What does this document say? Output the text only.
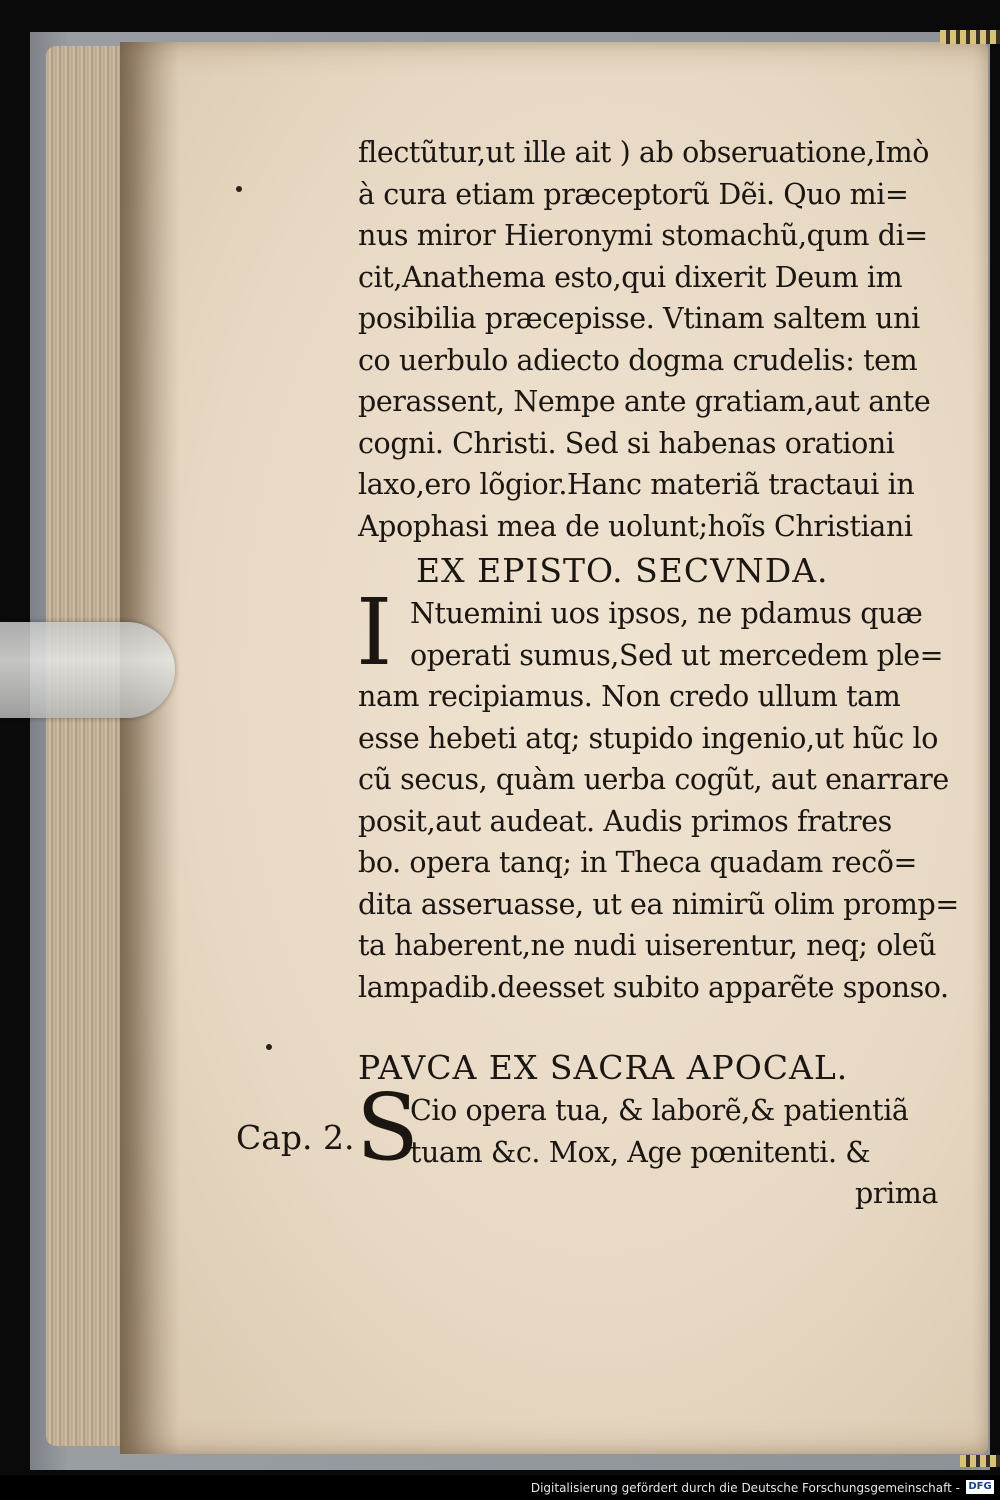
flectũtur,ut ille ait ) ab obseruatione,Imò
à cura etiam præceptorũ Dẽi. Quo mi=
nus miror Hieronymi stomachũ,qum di=
cit,Anathema esto,qui dixerit Deum im
posibilia præcepisse. Vtinam saltem uni
co uerbulo adiecto dogma crudelis: tem
perassent, Nempe ante gratiam,aut ante
cogni. Christi. Sed si habenas orationi
laxo,ero lõgior.Hanc materiã tractaui in
Apophasi mea de uolunt;hoĩs Christiani
EX EPISTO. SECVNDA.
I Ntuemini uos ipsos, ne pdamus quæ
operati sumus,Sed ut mercedem ple=
nam recipiamus. Non credo ullum tam
esse hebeti atq; stupido ingenio,ut hũc lo
cũ secus, quàm uerba cogũt, aut enarrare
posit,aut audeat. Audis primos fratres
bo. opera tanq; in Theca quadam recõ=
dita asseruasse, ut ea nimirũ olim promp=
ta haberent,ne nudi uiserentur, neq; oleũ
lampadib.deesset subito apparẽte sponso.
PAVCA EX SACRA APOCAL.
S
Cio opera tua, & laborẽ,& patientiã
tuam &c. Mox, Age pœnitenti. &
prima
Cap. 2.
Digitalisierung gefördert durch die Deutsche Forschungsgemeinschaft - DFG
